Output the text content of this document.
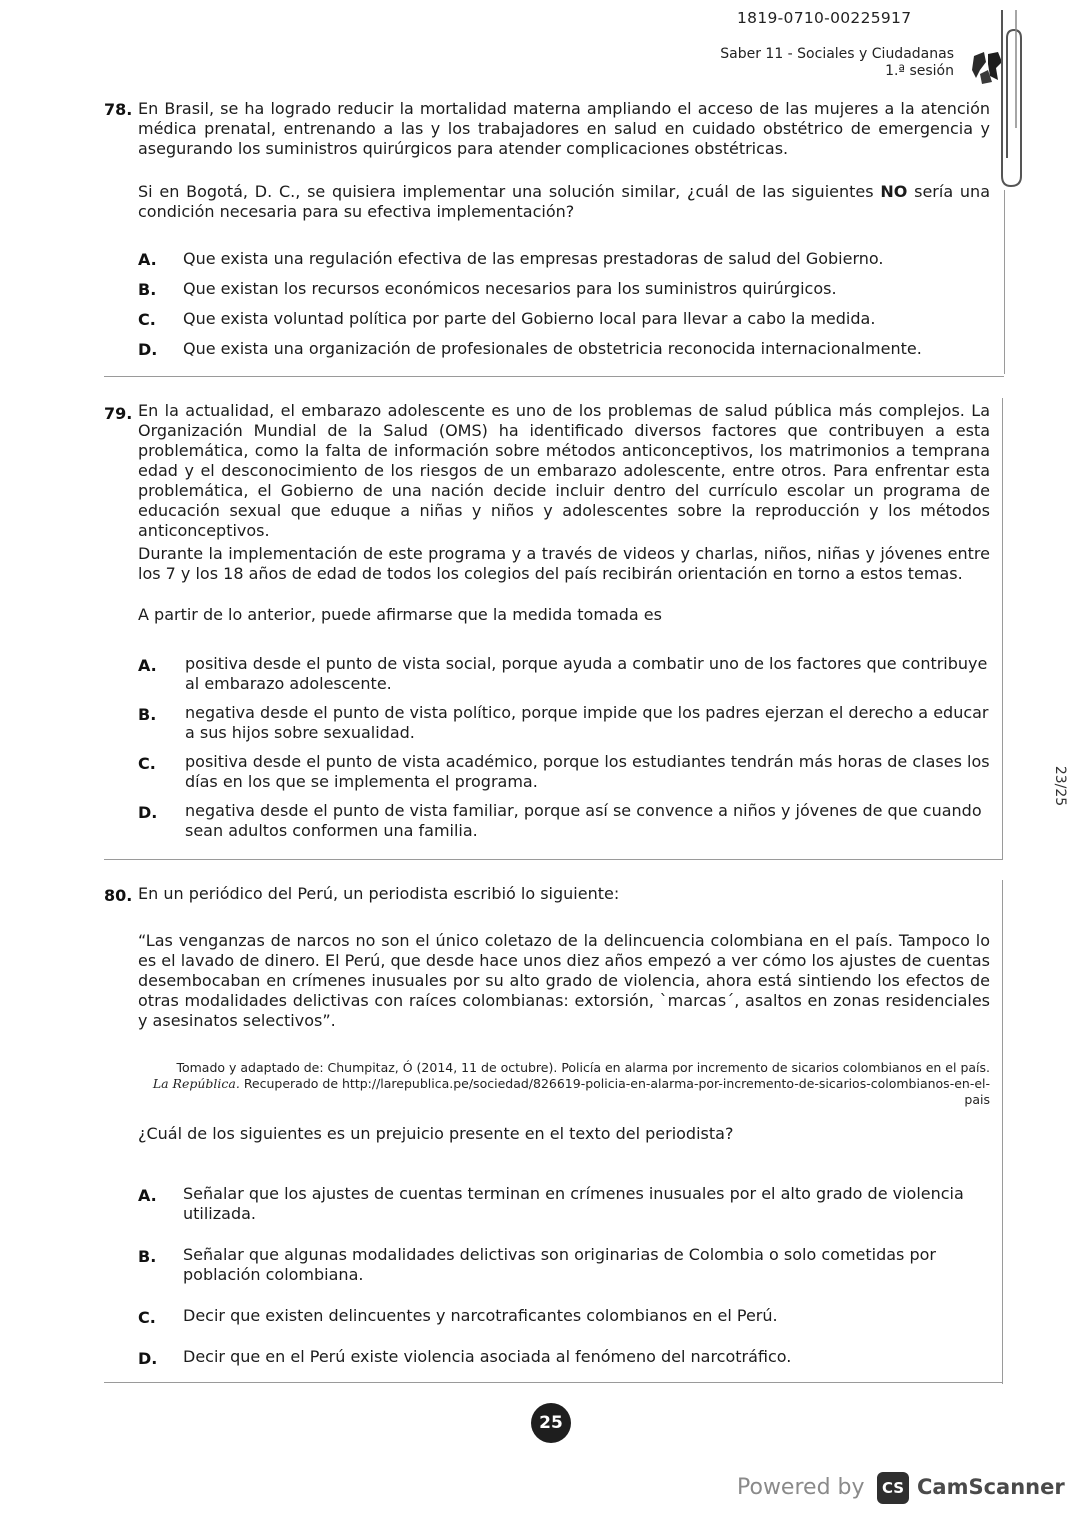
1819-0710-00225917
Saber 11 - Sociales y Ciudadanas
1.ª sesión
23/25
78. En Brasil, se ha logrado reducir la mortalidad materna ampliando el acceso de las mujeres a la atención médica prenatal, entrenando a las y los trabajadores en salud en cuidado obstétrico de emergencia y asegurando los suministros quirúrgicos para atender complicaciones obstétricas.
Si en Bogotá, D. C., se quisiera implementar una solución similar, ¿cuál de las siguientes NO sería una condición necesaria para su efectiva implementación?
A. Que exista una regulación efectiva de las empresas prestadoras de salud del Gobierno.
B. Que existan los recursos económicos necesarios para los suministros quirúrgicos.
C. Que exista voluntad política por parte del Gobierno local para llevar a cabo la medida.
D. Que exista una organización de profesionales de obstetricia reconocida internacionalmente.
79. En la actualidad, el embarazo adolescente es uno de los problemas de salud pública más complejos. La Organización Mundial de la Salud (OMS) ha identificado diversos factores que contribuyen a esta problemática, como la falta de información sobre métodos anticonceptivos, los matrimonios a temprana edad y el desconocimiento de los riesgos de un embarazo adolescente, entre otros. Para enfrentar esta problemática, el Gobierno de una nación decide incluir dentro del currículo escolar un programa de educación sexual que eduque a niñas y niños y adolescentes sobre la reproducción y los métodos anticonceptivos.
Durante la implementación de este programa y a través de videos y charlas, niños, niñas y jóvenes entre los 7 y los 18 años de edad de todos los colegios del país recibirán orientación en torno a estos temas.
A partir de lo anterior, puede afirmarse que la medida tomada es
A. positiva desde el punto de vista social, porque ayuda a combatir uno de los factores que contribuye al embarazo adolescente.
B. negativa desde el punto de vista político, porque impide que los padres ejerzan el derecho a educar a sus hijos sobre sexualidad.
C. positiva desde el punto de vista académico, porque los estudiantes tendrán más horas de clases los días en los que se implementa el programa.
D. negativa desde el punto de vista familiar, porque así se convence a niños y jóvenes de que cuando sean adultos conformen una familia.
80. En un periódico del Perú, un periodista escribió lo siguiente:
“Las venganzas de narcos no son el único coletazo de la delincuencia colombiana en el país. Tampoco lo es el lavado de dinero. El Perú, que desde hace unos diez años empezó a ver cómo los ajustes de cuentas desembocaban en crímenes inusuales por su alto grado de violencia, ahora está sintiendo los efectos de otras modalidades delictivas con raíces colombianas: extorsión, `marcas´, asaltos en zonas residenciales y asesinatos selectivos”.
Tomado y adaptado de: Chumpitaz, Ó (2014, 11 de octubre). Policía en alarma por incremento de sicarios colombianos en el país.
La República. Recuperado de http://larepublica.pe/sociedad/826619-policia-en-alarma-por-incremento-de-sicarios-colombianos-en-el-pais
¿Cuál de los siguientes es un prejuicio presente en el texto del periodista?
A. Señalar que los ajustes de cuentas terminan en crímenes inusuales por el alto grado de violencia utilizada.
B. Señalar que algunas modalidades delictivas son originarias de Colombia o solo cometidas por población colombiana.
C. Decir que existen delincuentes y narcotraficantes colombianos en el Perú.
D. Decir que en el Perú existe violencia asociada al fenómeno del narcotráfico.
25
Powered by	CS CamScanner
